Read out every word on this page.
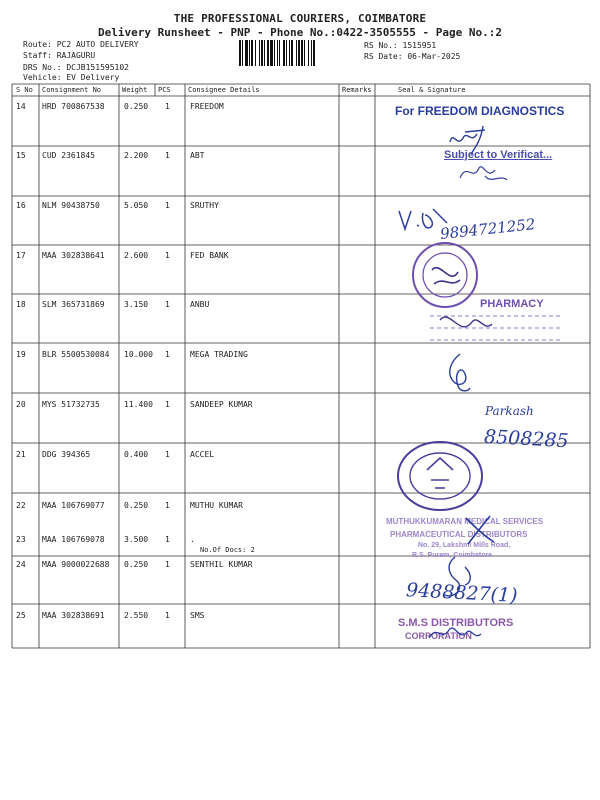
THE PROFESSIONAL COURIERS, COIMBATORE
Delivery Runsheet - PNP - Phone No.:0422-3505555 - Page No.:2
Route: PC2 AUTO DELIVERY
Staff: RAJAGURU
DRS No.: DCJB151595102
Vehicle: EV Delivery
RS No.: 1515951
RS Date: 06-Mar-2025
S No Consignment No	Weight PCS Consignee Details	Remarks	Seal & Signature
14 HRD 700867538 0.250 1	FREEDOM
15 CUD 2361845	2.200 1	ABT
16 NLM 90438750	5.050 1	SRUTHY
17 MAA 302838641 2.600 1	FED BANK
18 SLM 365731869 3.150 1	ANBU
19 BLR 5500530084 10.000 1	MEGA TRADING
20 MYS 51732735	11.400 1	SANDEEP KUMAR
21 DDG 394365	0.400 1	ACCEL
22 MAA 106769077 0.250 1	MUTHU KUMAR
23 MAA 106769078 3.500 1	.
No.Of Docs: 2
24 MAA 9000022688 0.250 1	SENTHIL KUMAR
25 MAA 302838691 2.550 1	SMS
For FREEDOM DIAGNOSTICS
Subject to Verificat...
9894721252
PHARMACY
Parkash
8508285
MUTHUKKUMARAN MEDICAL SERVICES
PHARMACEUTICAL DISTRIBUTORS
No. 29, Lakshmi Mills Road,
R.S. Puram, Coimbatore
9488827(1)
S.M.S DISTRIBUTORS
CORPORATION
